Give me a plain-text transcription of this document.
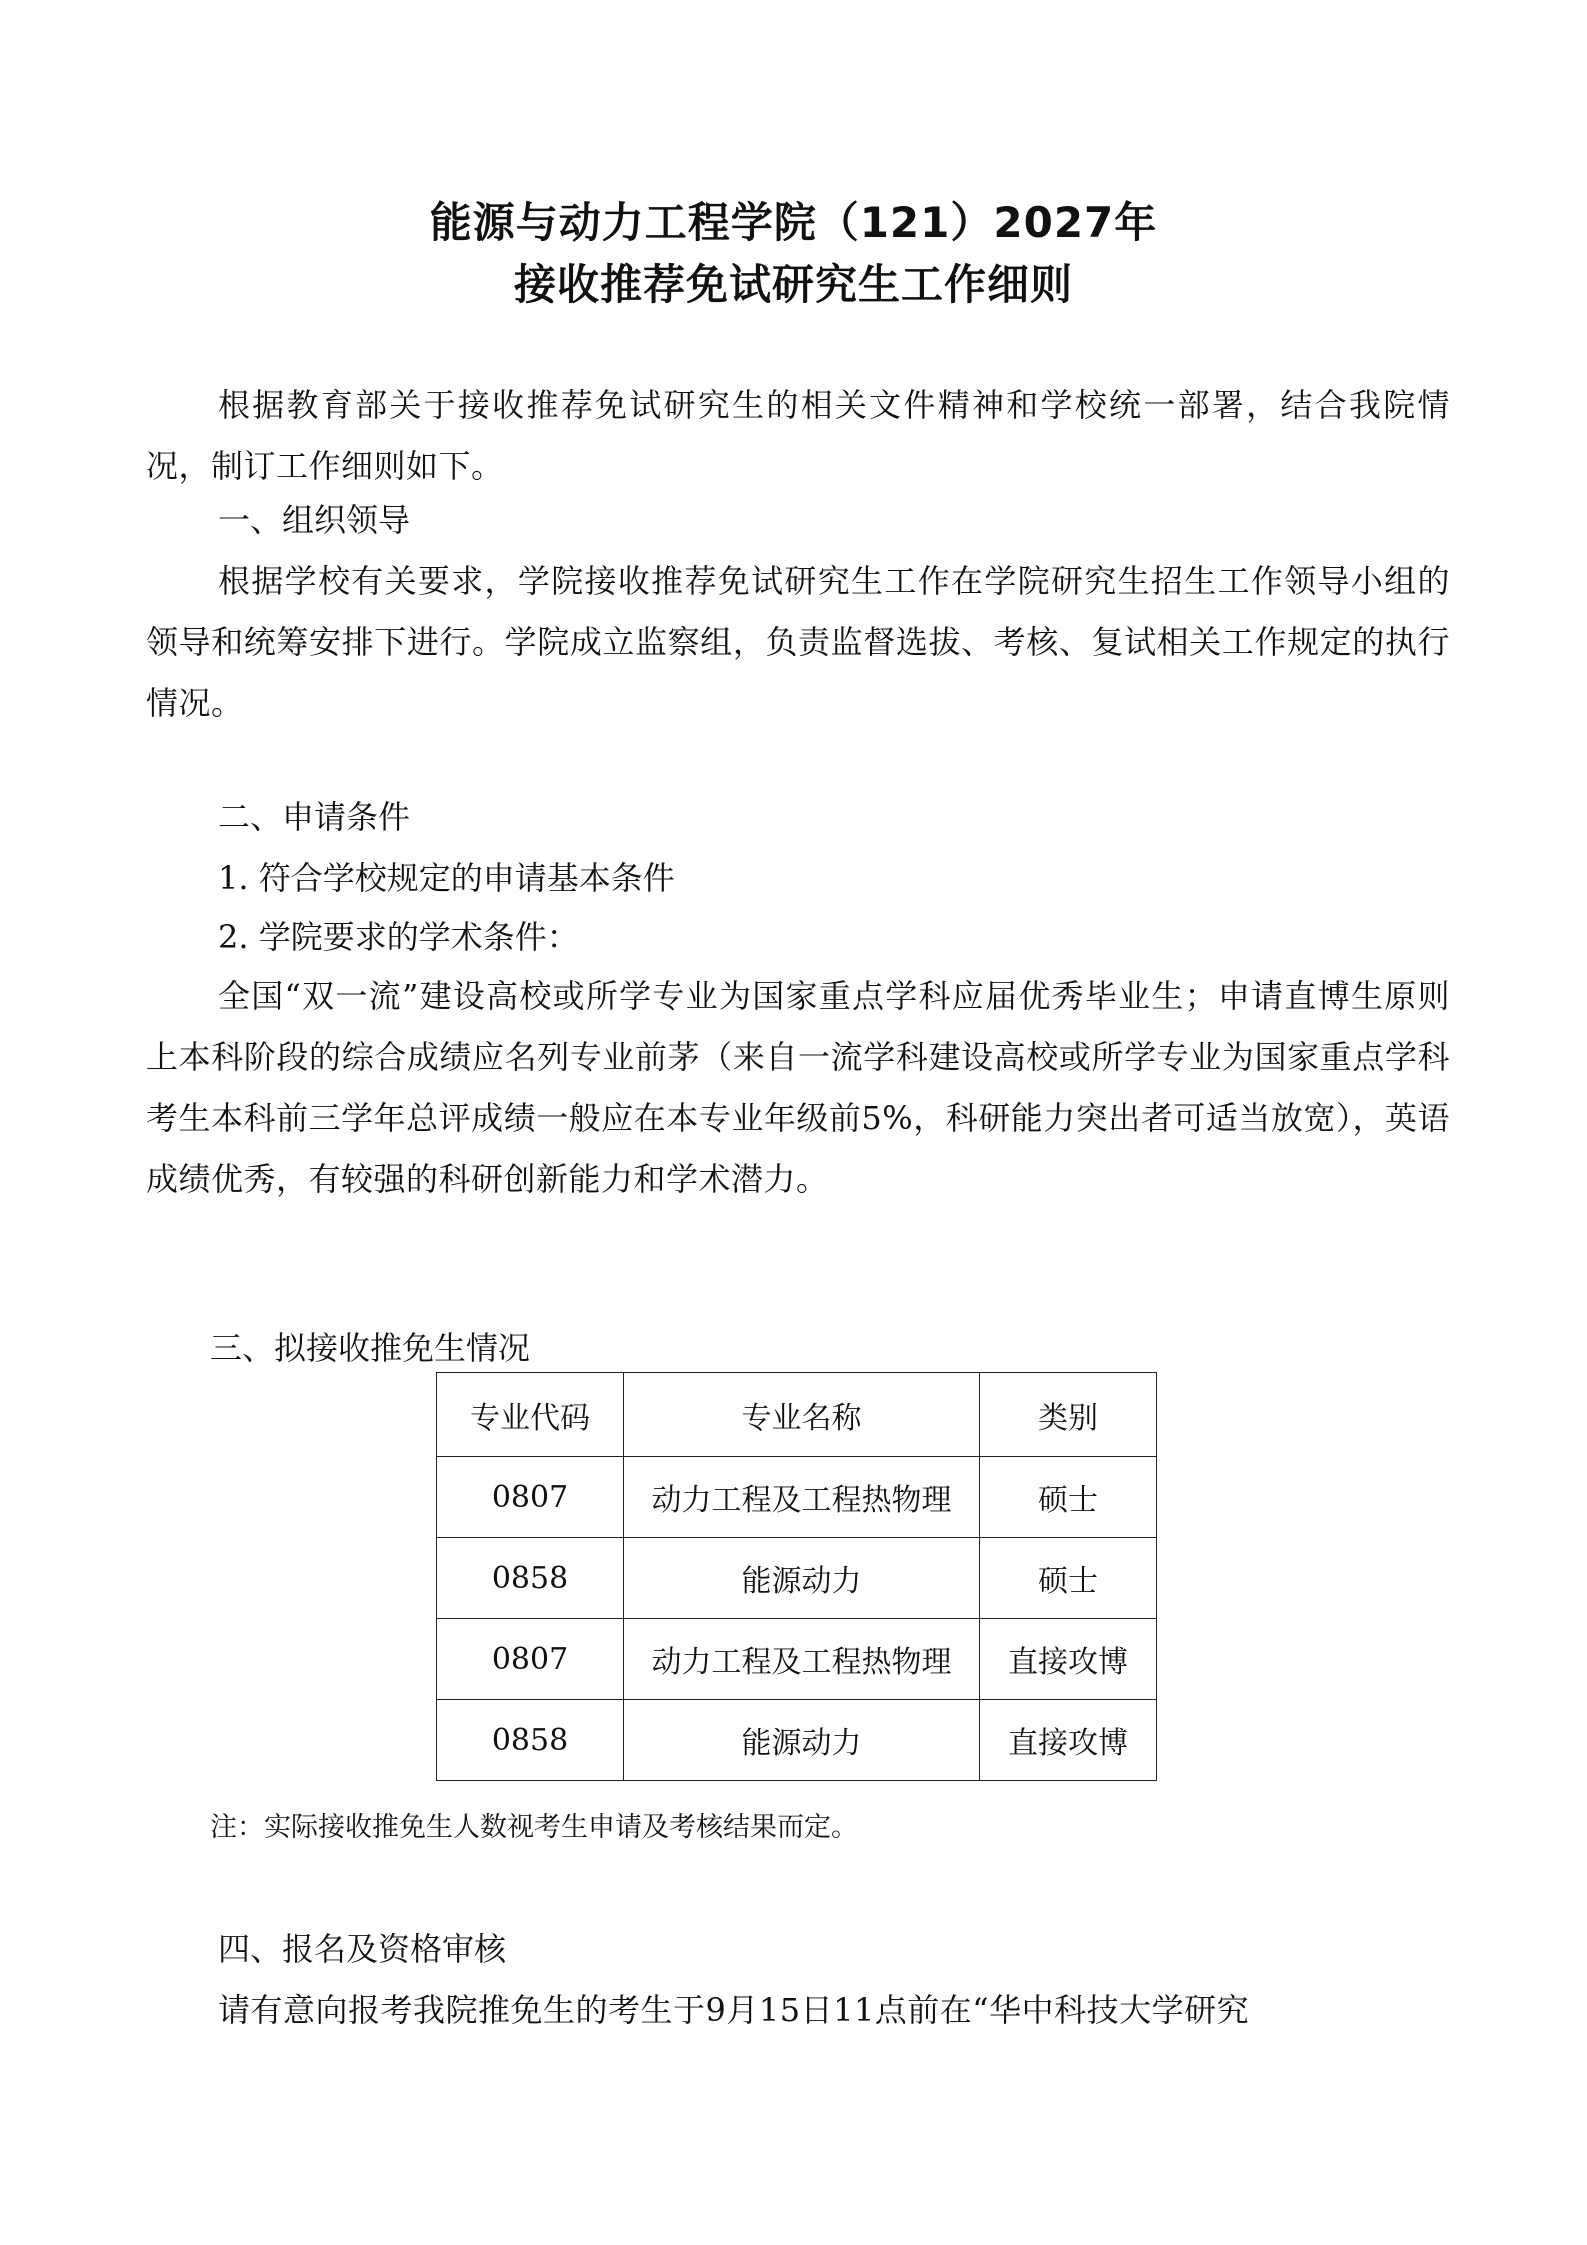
能源与动力工程学院（121）2027年
接收推荐免试研究生工作细则

根据教育部关于接收推荐免试研究生的相关文件精神和学校统一部署，结合我院情况，制订工作细则如下。

一、组织领导

根据学校有关要求，学院接收推荐免试研究生工作在学院研究生招生工作领导小组的领导和统筹安排下进行。学院成立监察组，负责监督选拔、考核、复试相关工作规定的执行情况。

二、申请条件

1. 符合学校规定的申请基本条件

2. 学院要求的学术条件：

全国“双一流”建设高校或所学专业为国家重点学科应届优秀毕业生；申请直博生原则上本科阶段的综合成绩应名列专业前茅（来自一流学科建设高校或所学专业为国家重点学科考生本科前三学年总评成绩一般应在本专业年级前5%，科研能力突出者可适当放宽），英语成绩优秀，有较强的科研创新能力和学术潜力。

三、拟接收推免生情况

专业代码	专业名称	类别
0807	动力工程及工程热物理	硕士
0858	能源动力	硕士
0807	动力工程及工程热物理	直接攻博
0858	能源动力	直接攻博

注：实际接收推免生人数视考生申请及考核结果而定。

四、报名及资格审核

请有意向报考我院推免生的考生于9月15日11点前在“华中科技大学研究
